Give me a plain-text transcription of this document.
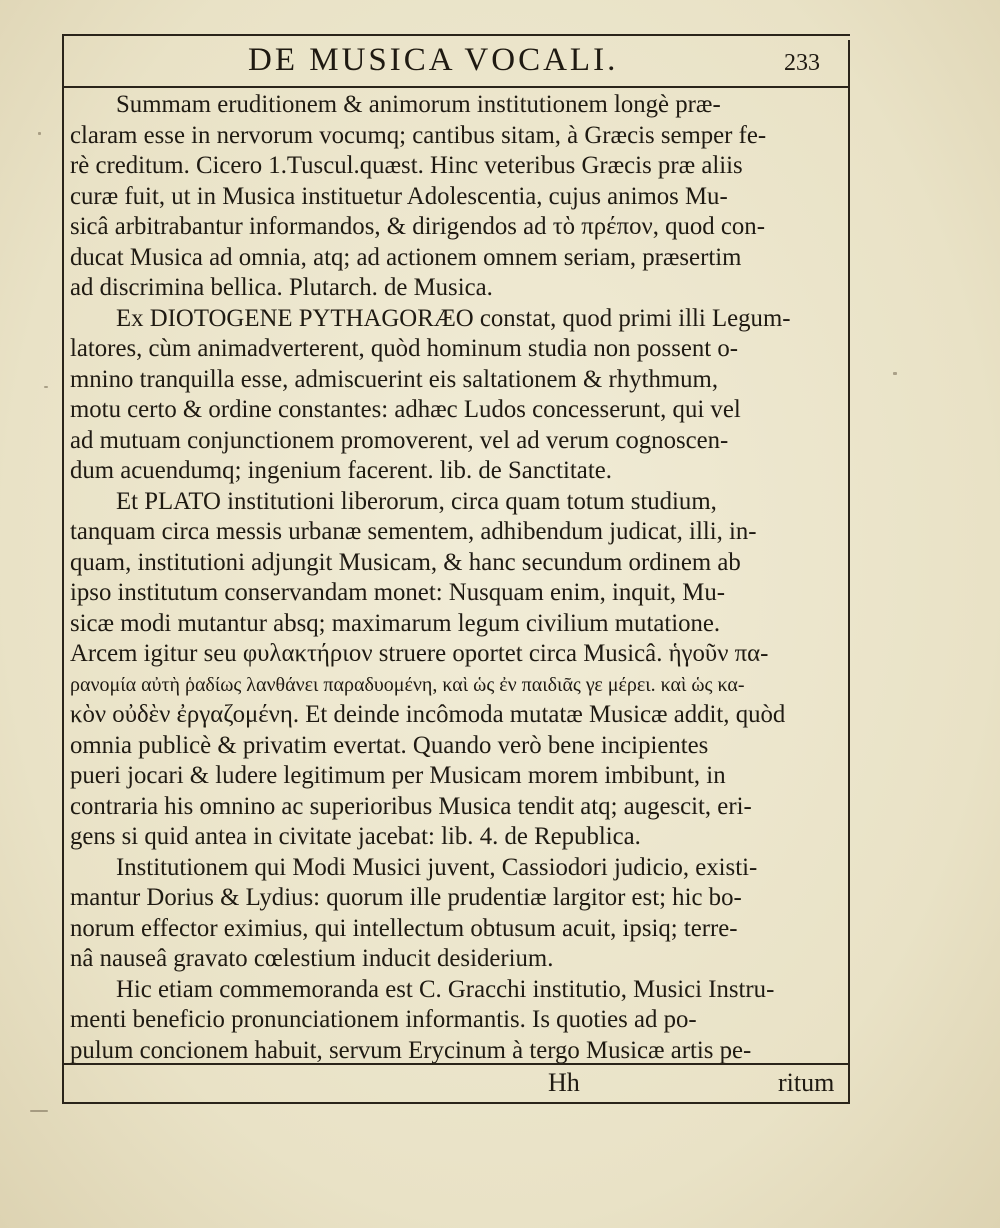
DE MUSICA VOCALI.	233
Summam eruditionem & animorum institutionem longè præ-
claram esse in nervorum vocumq; cantibus sitam, à Græcis semper fe-
rè creditum. Cicero 1.Tuscul.quæst. Hinc veteribus Græcis præ aliis
curæ fuit, ut in Musica instituetur Adolescentia, cujus animos Mu-
sicâ arbitrabantur informandos, & dirigendos ad τὸ πρέπον, quod con-
ducat Musica ad omnia, atq; ad actionem omnem seriam, præsertim
ad discrimina bellica. Plutarch. de Musica.
Ex DIOTOGENE PYTHAGORÆO constat, quod primi illi Legum-
latores, cùm animadverterent, quòd hominum studia non possent o-
mnino tranquilla esse, admiscuerint eis saltationem & rhythmum,
motu certo & ordine constantes: adhæc Ludos concesserunt, qui vel
ad mutuam conjunctionem promoverent, vel ad verum cognoscen-
dum acuendumq; ingenium facerent. lib. de Sanctitate.
Et PLATO institutioni liberorum, circa quam totum studium,
tanquam circa messis urbanæ sementem, adhibendum judicat, illi, in-
quam, institutioni adjungit Musicam, & hanc secundum ordinem ab
ipso institutum conservandam monet: Nusquam enim, inquit, Mu-
sicæ modi mutantur absq; maximarum legum civilium mutatione.
Arcem igitur seu φυλακτήριον struere oportet circa Musicâ. ἡγοῦν πα-
ρανομία αὐτὴ ῥαδίως λανθάνει παραδυομένη, καὶ ὡς ἐν παιδιᾶς γε μέρει. καὶ ὡς κα-
κὸν οὐδὲν ἐργαζομένη. Et deinde incômoda mutatæ Musicæ addit, quòd
omnia publicè & privatim evertat. Quando verò bene incipientes
pueri jocari & ludere legitimum per Musicam morem imbibunt, in
contraria his omnino ac superioribus Musica tendit atq; augescit, eri-
gens si quid antea in civitate jacebat: lib. 4. de Republica.
Institutionem qui Modi Musici juvent, Cassiodori judicio, existi-
mantur Dorius & Lydius: quorum ille prudentiæ largitor est; hic bo-
norum effector eximius, qui intellectum obtusum acuit, ipsiq; terre-
nâ nauseâ gravato cœlestium inducit desiderium.
Hic etiam commemoranda est C. Gracchi institutio, Musici Instru-
menti beneficio pronunciationem informantis. Is quoties ad po-
pulum concionem habuit, servum Erycinum à tergo Musicæ artis pe-
Hh	ritum
